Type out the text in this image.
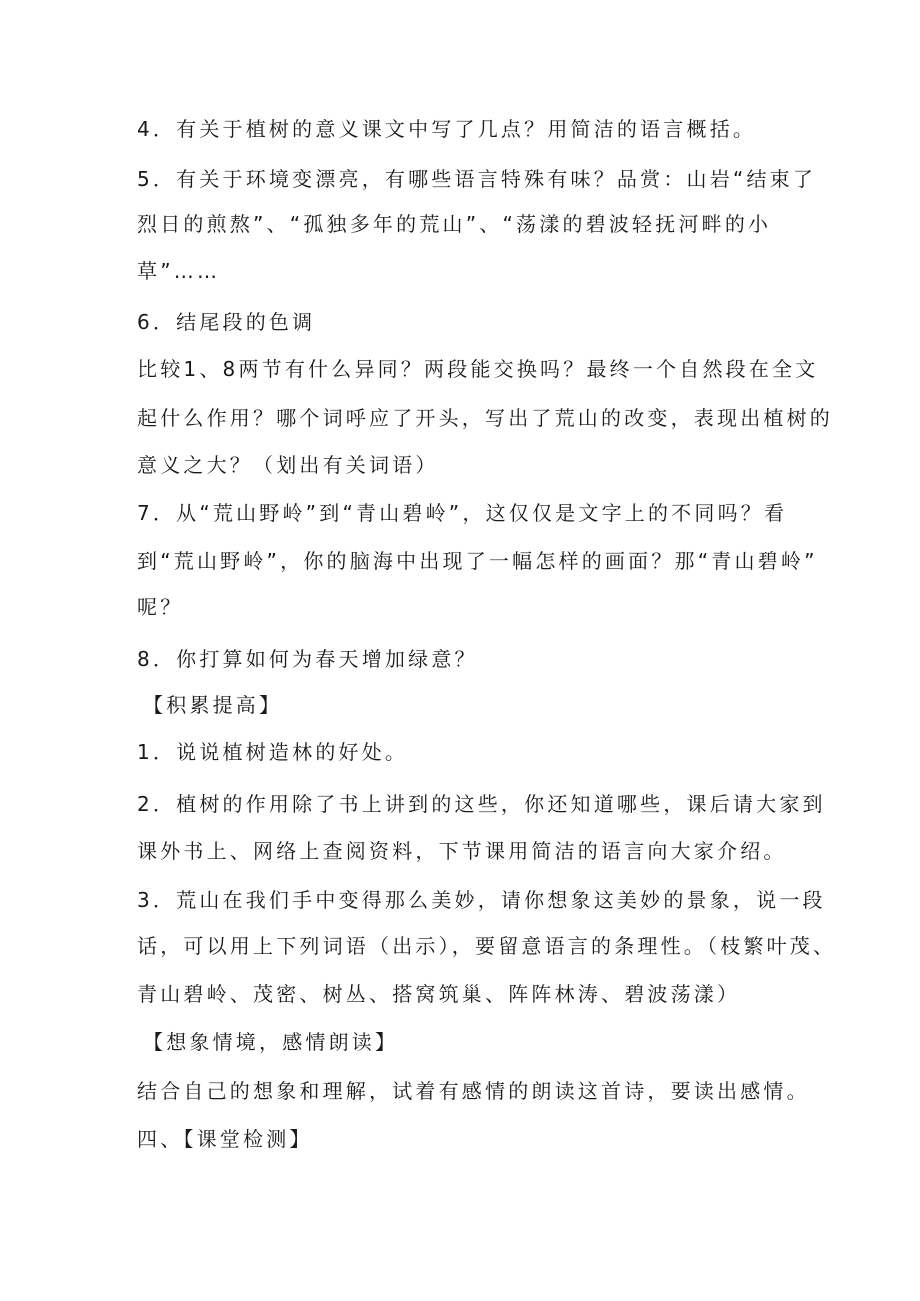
4．有关于植树的意义课文中写了几点？用简洁的语言概括。

5．有关于环境变漂亮，有哪些语言特殊有味？品赏：山岩“结束了

烈日的煎熬”、“孤独多年的荒山”、“荡漾的碧波轻抚河畔的小

草”……

6．结尾段的色调

比较1、8两节有什么异同？两段能交换吗？最终一个自然段在全文

起什么作用？哪个词呼应了开头，写出了荒山的改变，表现出植树的

意义之大？（划出有关词语）

7．从“荒山野岭”到“青山碧岭”，这仅仅是文字上的不同吗？看

到“荒山野岭”，你的脑海中出现了一幅怎样的画面？那“青山碧岭”

呢？

8．你打算如何为春天增加绿意？

【积累提高】

1．说说植树造林的好处。

2．植树的作用除了书上讲到的这些，你还知道哪些，课后请大家到

课外书上、网络上查阅资料，下节课用简洁的语言向大家介绍。

3．荒山在我们手中变得那么美妙，请你想象这美妙的景象，说一段

话，可以用上下列词语（出示），要留意语言的条理性。（枝繁叶茂、

青山碧岭、茂密、树丛、搭窝筑巢、阵阵林涛、碧波荡漾）

【想象情境，感情朗读】

结合自己的想象和理解，试着有感情的朗读这首诗，要读出感情。

四、【课堂检测】
